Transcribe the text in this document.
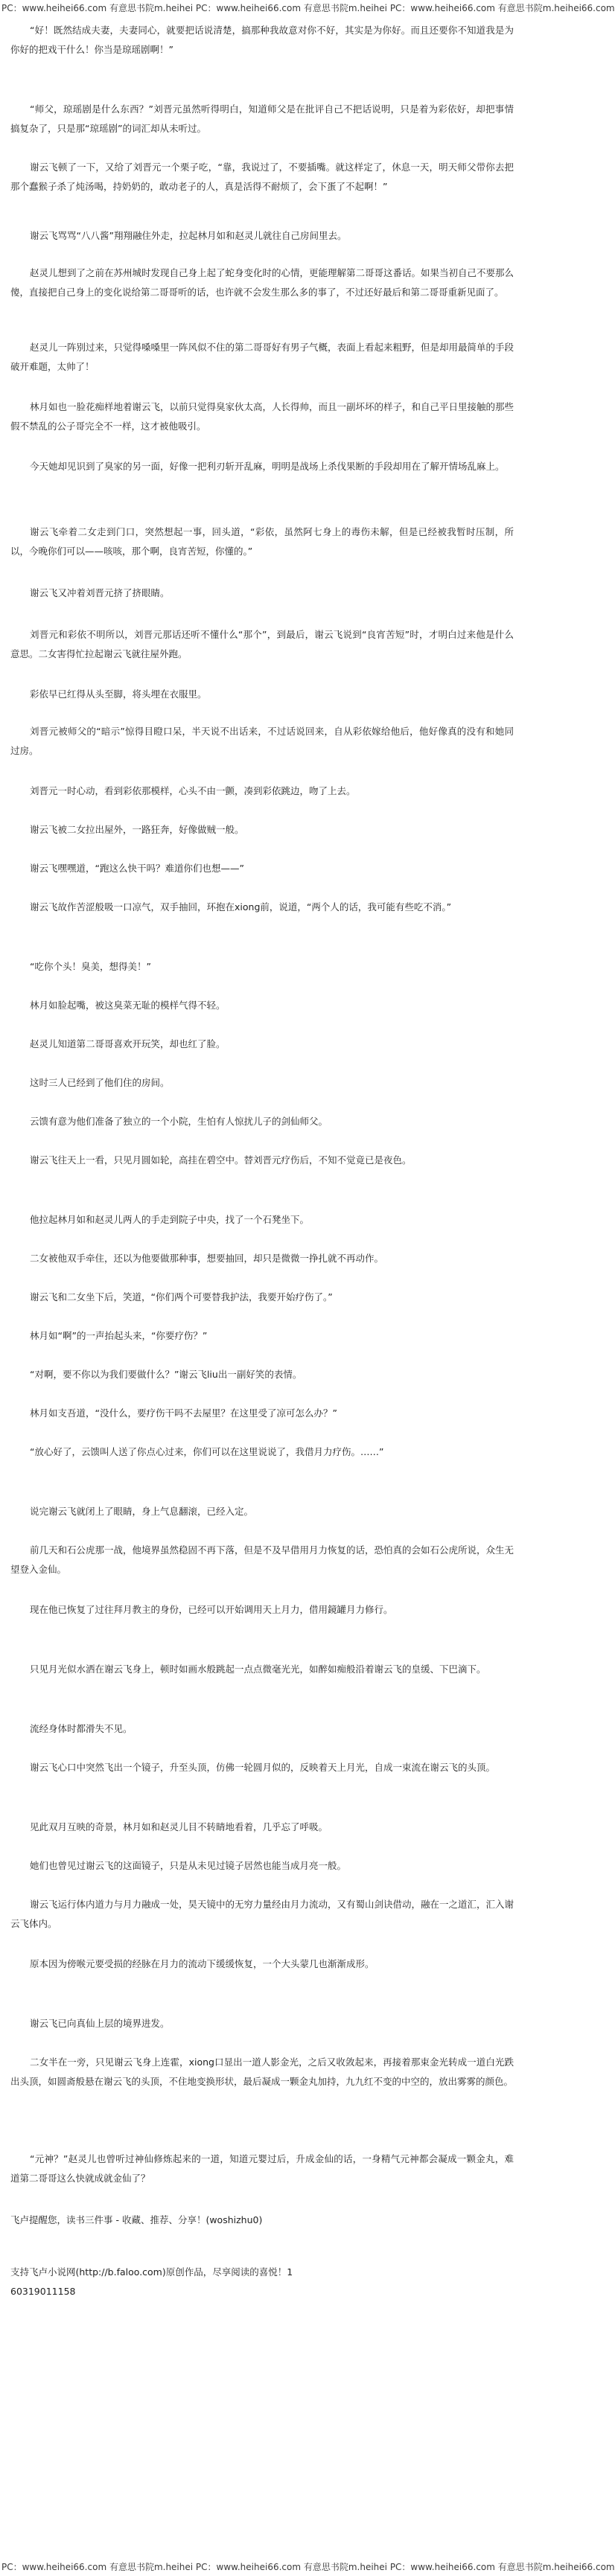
PC：www.heihei66.com 有意思书院m.heihei PC：www.heihei66.com 有意思书院m.heihei PC：www.heihei66.com 有意思书院m.heihei66.com

“好！既然结成夫妻，夫妻同心，就要把话说清楚，搞那种我故意对你不好，其实是为你好。而且还要你不知道我是为你好的把戏干什么！你当是琼瑶剧啊！”

“师父，琼瑶剧是什么东西？”刘晋元虽然听得明白，知道师父是在批评自己不把话说明，只是着为彩依好，却把事情搞复杂了，只是那“琼瑶剧”的词汇却从未听过。

谢云飞顿了一下，又给了刘晋元一个栗子吃，“靠，我说过了，不要插嘴。就这样定了，休息一天，明天师父带你去把那个蠢猴子杀了炖汤喝，持奶奶的，敢动老子的人，真是活得不耐烦了，会下蛋了不起啊！”

谢云飞骂骂“八八酱”翔翔融住外走，拉起林月如和赵灵儿就往自己房间里去。

赵灵儿想到了之前在苏州城时发现自己身上起了蛇身变化时的心情，更能理解第二哥哥这番话。如果当初自己不要那么傻，直接把自己身上的变化说给第二哥哥听的话，也许就不会发生那么多的事了，不过还好最后和第二哥哥重新见面了。

赵灵儿一阵别过来，只觉得嗓嗓里一阵风似不住的第二哥哥好有男子气概，表面上看起来粗野，但是却用最简单的手段破开难题，太帅了！

林月如也一脸花痴样地着谢云飞，以前只觉得臭家伙太高，人长得帅，而且一副坏坏的样子，和自己平日里接触的那些假不禁乱的公子哥完全不一样，这才被他吸引。

今天她却见识到了臭家的另一面，好像一把利刃斩开乱麻，明明是战场上杀伐果断的手段却用在了解开情场乱麻上。

谢云飞牵着二女走到门口，突然想起一事，回头道，“彩依，虽然阿七身上的毒伤未解，但是已经被我暂时压制，所以，今晚你们可以——咳咳，那个啊，良宵苦短，你懂的。”

谢云飞又冲着刘晋元挤了挤眼睛。

刘晋元和彩依不明所以，刘晋元那话还听不懂什么“那个”，到最后，谢云飞说到“良宵苦短”时，才明白过来他是什么意思。二女害得忙拉起谢云飞就往屋外跑。

彩依早已红得从头至脚，将头埋在衣服里。

刘晋元被师父的“暗示”惊得目瞪口呆，半天说不出话来，不过话说回来，自从彩依嫁给他后，他好像真的没有和她同过房。

刘晋元一时心动，看到彩依那模样，心头不由一颤，凑到彩依跳边，吻了上去。

谢云飞被二女拉出屋外，一路狂奔，好像做贼一般。

谢云飞嘿嘿道，“跑这么快干吗？难道你们也想——”

谢云飞故作苦涩般吸一口凉气，双手抽回，环抱在xiong前，说道，“两个人的话，我可能有些吃不消。”

“吃你个头！臭美，想得美！”

林月如脸起嘴，被这臭菜无耻的模样气得不轻。

赵灵儿知道第二哥哥喜欢开玩笑，却也红了脸。

这时三人已经到了他们住的房间。

云馈有意为他们准备了独立的一个小院，生怕有人惊扰儿子的剑仙师父。

谢云飞往天上一看，只见月圆如轮，高挂在碧空中。替刘晋元疗伤后，不知不觉竟已是夜色。

他拉起林月如和赵灵儿两人的手走到院子中央，找了一个石凳坐下。

二女被他双手牵住，还以为他要做那种事，想要抽回，却只是微微一挣扎就不再动作。

谢云飞和二女坐下后，笑道，“你们两个可要替我护法，我要开始疗伤了。”

林月如“啊”的一声抬起头来，“你要疗伤？”

“对啊，要不你以为我们要做什么？”谢云飞liu出一副好笑的表情。

林月如支吾道，“没什么，要疗伤干吗不去屋里？在这里受了凉可怎么办？”

“放心好了，云馈叫人送了你点心过来，你们可以在这里说说了，我借月力疗伤。……”

说完谢云飞就闭上了眼睛，身上气息翻滚，已经入定。

前几天和石公虎那一战，他境界虽然稳固不再下落，但是不及早借用月力恢复的话，恐怕真的会如石公虎所说，众生无望登入金仙。

现在他已恢复了过往拜月教主的身份，已经可以开始调用天上月力，借用鏡罐月力修行。

只见月光似水洒在谢云飞身上，顿时如画水般跳起一点点微毫光光，如醉如痴般沿着谢云飞的皇缓、下巴滴下。

流经身体时都滑失不见。

谢云飞心口中突然飞出一个镜子，升至头顶，仿佛一轮圆月似的，反映着天上月光，自成一束流在谢云飞的头顶。

见此双月互映的奇景，林月如和赵灵儿目不转睛地看着，几乎忘了呼吸。

她们也曾见过谢云飞的这面镜子，只是从未见过镜子居然也能当成月亮一般。

谢云飞运行体内道力与月力融成一处，昊天镜中的无穷力量经由月力流动，又有蜀山剑诀借动，融在一之道汇，汇入谢云飞体内。

原本因为傍喉元要受损的经脉在月力的流动下缓缓恢复，一个大头蒙几也渐渐成形。

谢云飞已向真仙上层的境界进发。

二女半在一旁，只见谢云飞身上连霍，xiong口显出一道人影金光，之后又收敛起来，再接着那束金光转成一道白光跌出头顶，如圆斋般悬在谢云飞的头顶，不住地变换形状，最后凝成一颗金丸加持，九九红不变的中空的，放出雾雾的颜色。

“元神？”赵灵儿也曾听过神仙修炼起来的一道，知道元婴过后，升成金仙的话，一身精气元神都会凝成一颗金丸，难道第二哥哥这么快就成就金仙了？

飞卢提醒您，读书三件事 - 收藏、推荐、分享！(woshizhu0)

支持飞卢小说网(http://b.faloo.com)原创作品，尽享阅读的喜悦！1

60319011158

PC：www.heihei66.com 有意思书院m.heihei PC：www.heihei66.com 有意思书院m.heihei PC：www.heihei66.com 有意思书院m.heihei66.com
